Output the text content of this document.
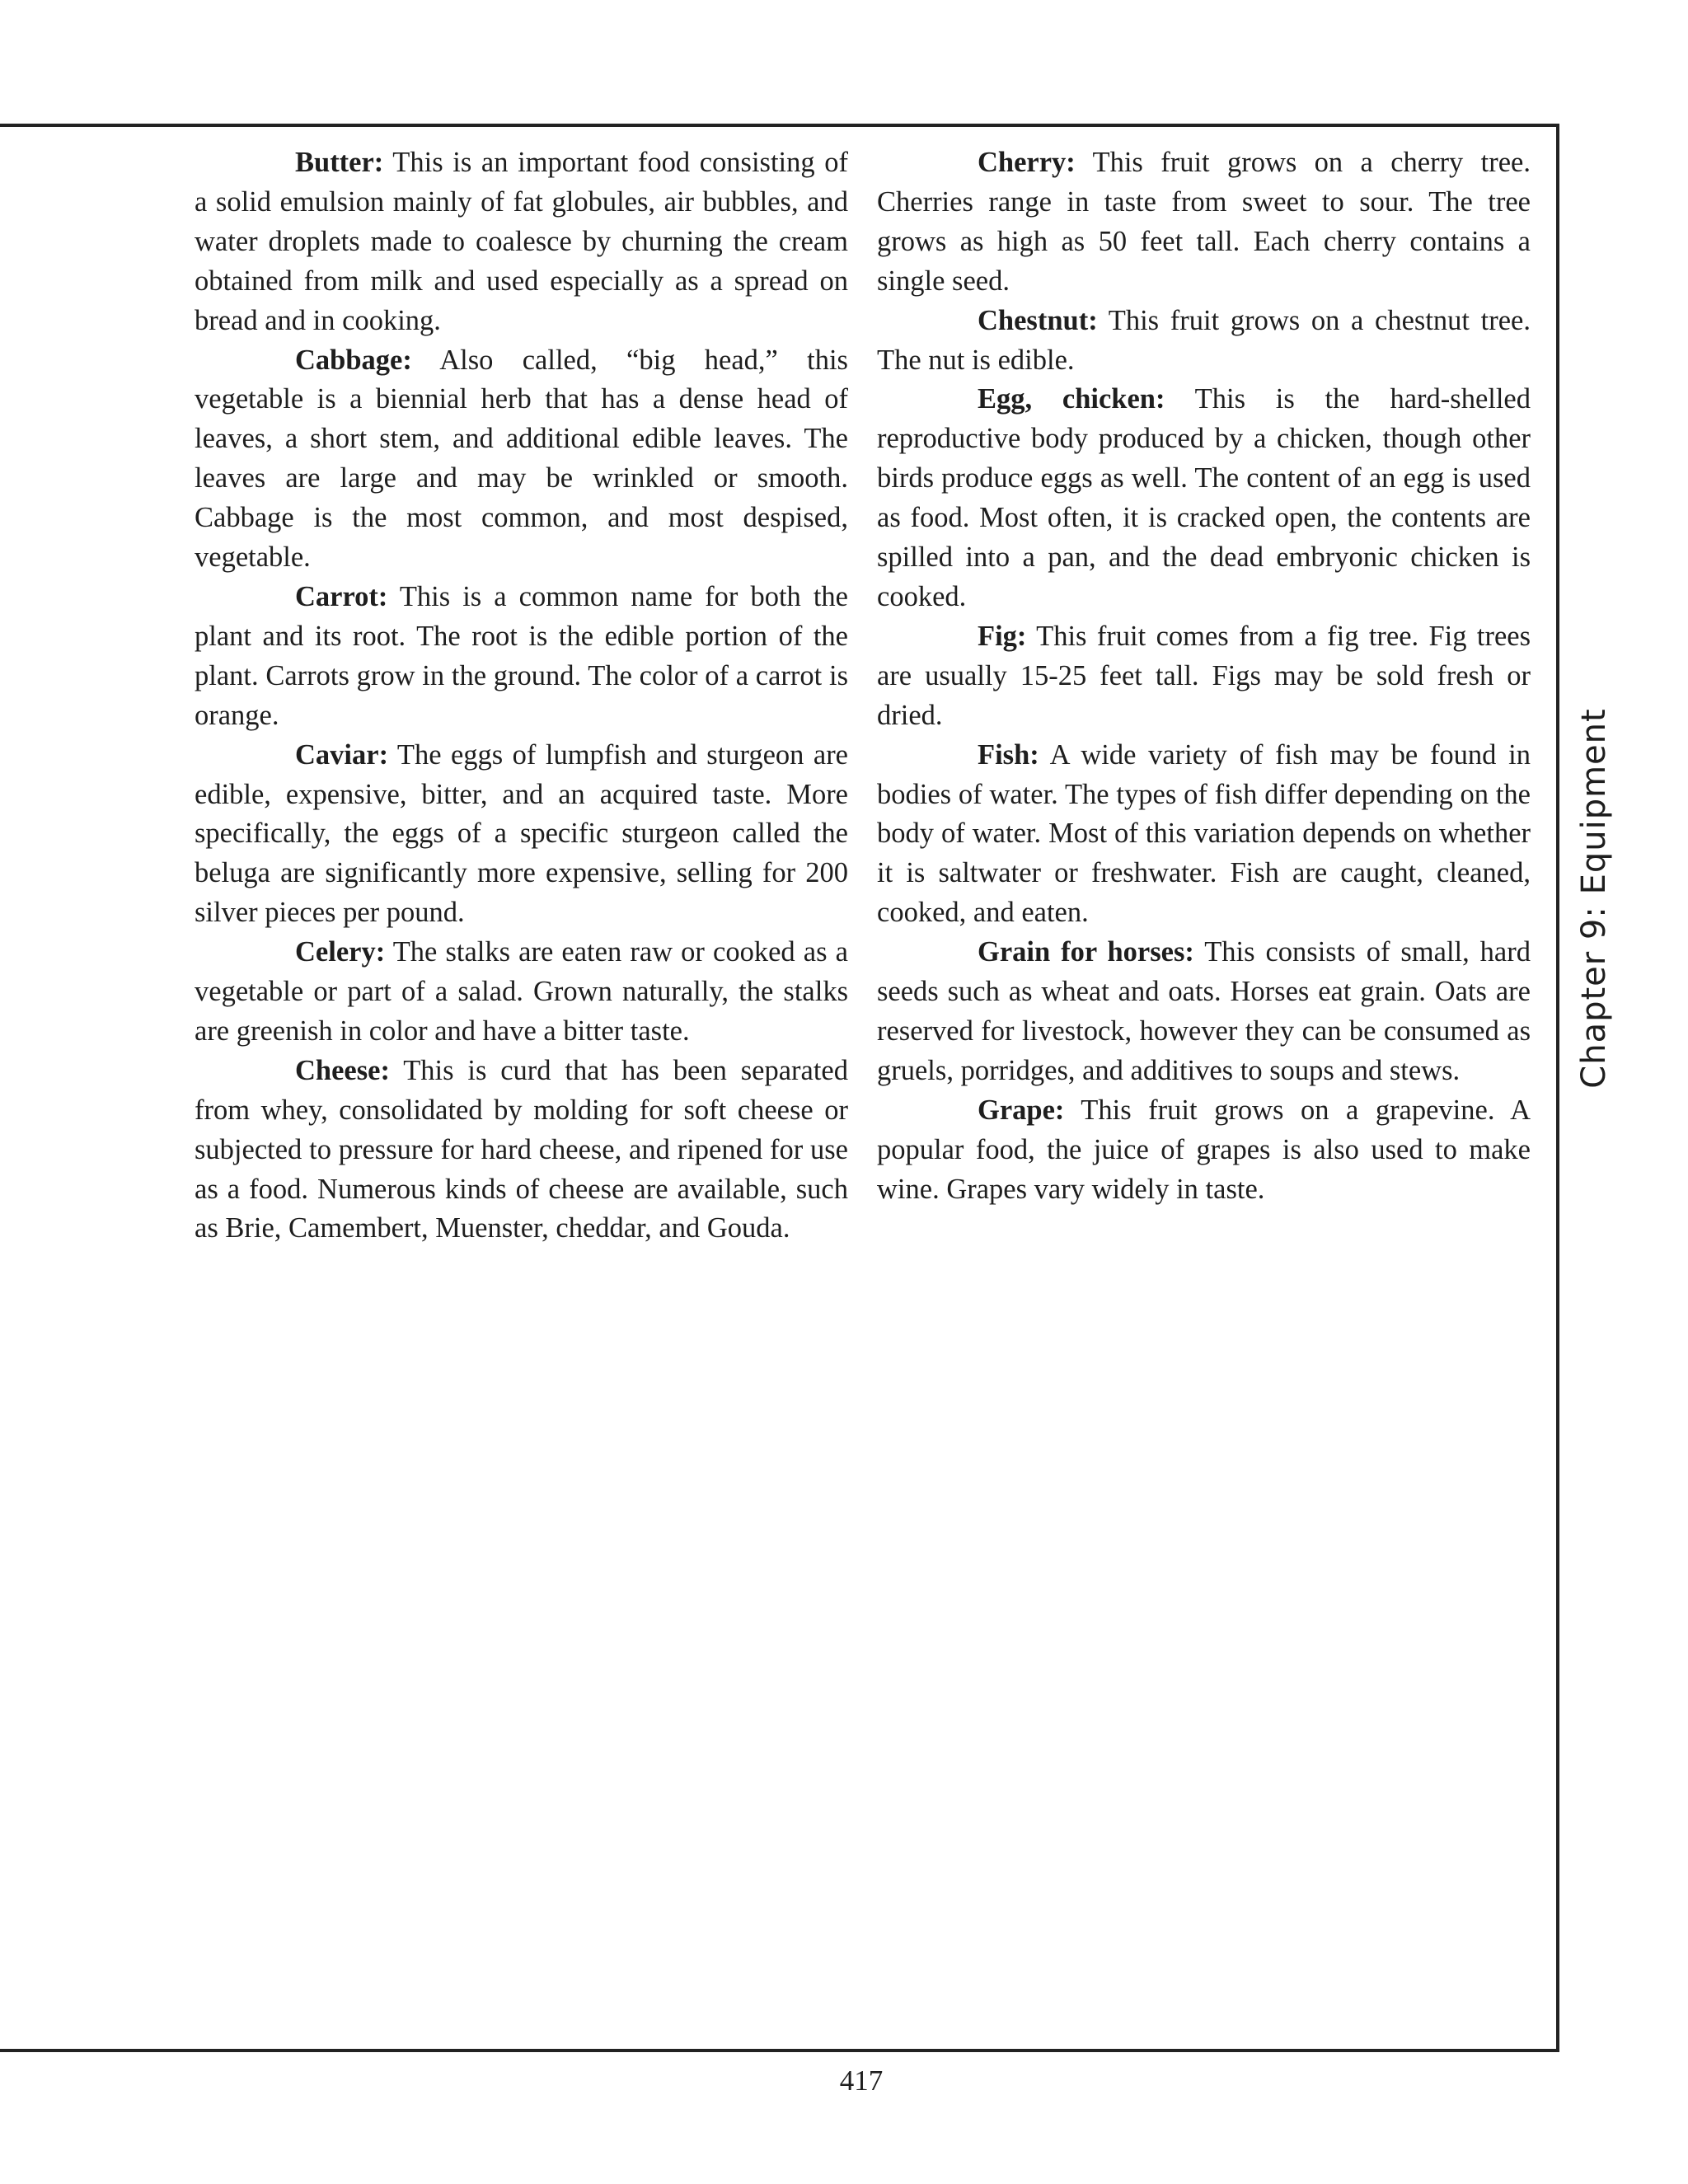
Butter: This is an important food consisting of a solid emulsion mainly of fat globules, air bubbles, and water droplets made to coalesce by churning the cream obtained from milk and used especially as a spread on bread and in cooking.

Cabbage: Also called, “big head,” this vegetable is a biennial herb that has a dense head of leaves, a short stem, and additional edible leaves. The leaves are large and may be wrinkled or smooth. Cabbage is the most common, and most despised, vegetable.

Carrot: This is a common name for both the plant and its root. The root is the edible portion of the plant. Carrots grow in the ground. The color of a carrot is orange.

Caviar: The eggs of lumpfish and sturgeon are edible, expensive, bitter, and an acquired taste. More specifically, the eggs of a specific sturgeon called the beluga are significantly more expensive, selling for 200 silver pieces per pound.

Celery: The stalks are eaten raw or cooked as a vegetable or part of a salad. Grown naturally, the stalks are greenish in color and have a bitter taste.

Cheese: This is curd that has been separated from whey, consolidated by molding for soft cheese or subjected to pressure for hard cheese, and ripened for use as a food. Numerous kinds of cheese are available, such as Brie, Camembert, Muenster, cheddar, and Gouda.

Cherry: This fruit grows on a cherry tree. Cherries range in taste from sweet to sour. The tree grows as high as 50 feet tall. Each cherry contains a single seed.

Chestnut: This fruit grows on a chestnut tree. The nut is edible.

Egg, chicken: This is the hard-shelled reproductive body produced by a chicken, though other birds produce eggs as well. The content of an egg is used as food. Most often, it is cracked open, the contents are spilled into a pan, and the dead embryonic chicken is cooked.

Fig: This fruit comes from a fig tree. Fig trees are usually 15-25 feet tall. Figs may be sold fresh or dried.

Fish: A wide variety of fish may be found in bodies of water. The types of fish differ depending on the body of water. Most of this variation depends on whether it is saltwater or freshwater. Fish are caught, cleaned, cooked, and eaten.

Grain for horses: This consists of small, hard seeds such as wheat and oats. Horses eat grain. Oats are reserved for livestock, however they can be consumed as gruels, porridges, and additives to soups and stews.

Grape: This fruit grows on a grapevine. A popular food, the juice of grapes is also used to make wine. Grapes vary widely in taste.

Chapter 9: Equipment
417
